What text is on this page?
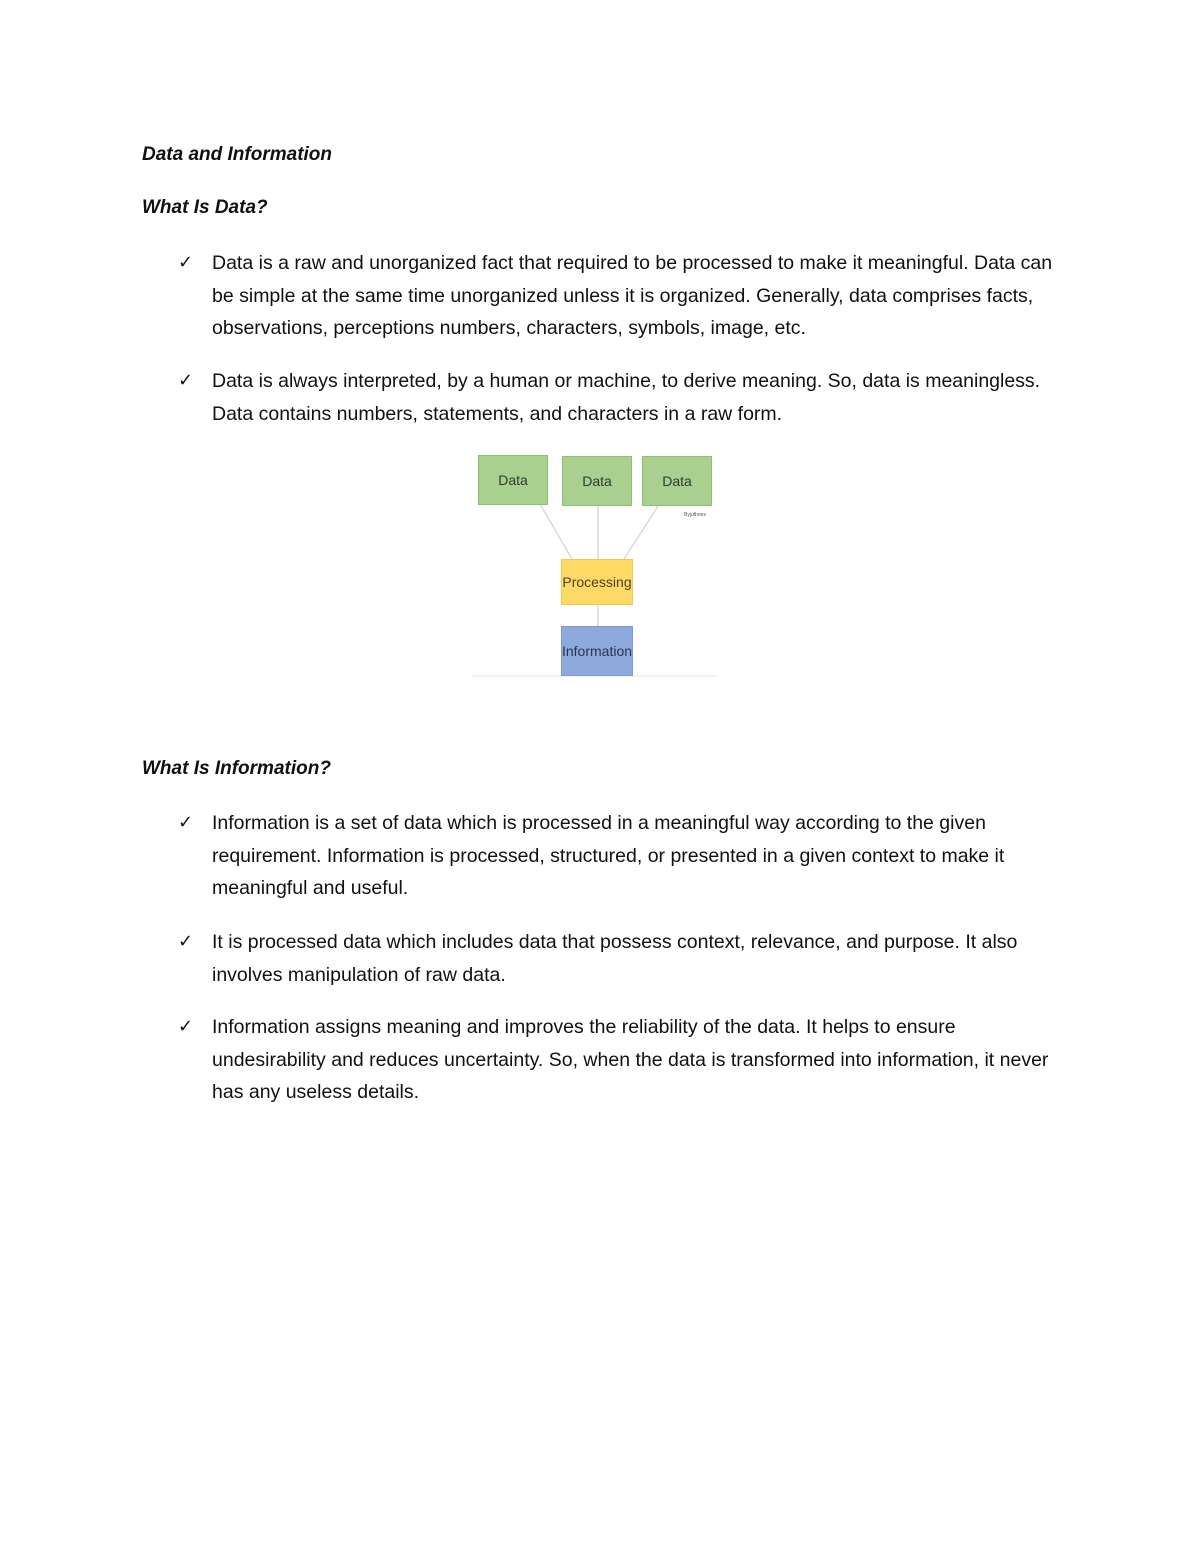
Data and Information
What Is Data?
✓ Data is a raw and unorganized fact that required to be processed to make it meaningful. Data can be simple at the same time unorganized unless it is organized. Generally, data comprises facts, observations, perceptions numbers, characters, symbols, image, etc.

✓ Data is always interpreted, by a human or machine, to derive meaning. So, data is meaningless. Data contains numbers, statements, and characters in a raw form.

Data	Data	Data
Byjuthoes
Processing
Information
What Is Information?
✓ Information is a set of data which is processed in a meaningful way according to the given requirement. Information is processed, structured, or presented in a given context to make it meaningful and useful.

✓ It is processed data which includes data that possess context, relevance, and purpose. It also involves manipulation of raw data.

✓ Information assigns meaning and improves the reliability of the data. It helps to ensure undesirability and reduces uncertainty. So, when the data is transformed into information, it never has any useless details.
